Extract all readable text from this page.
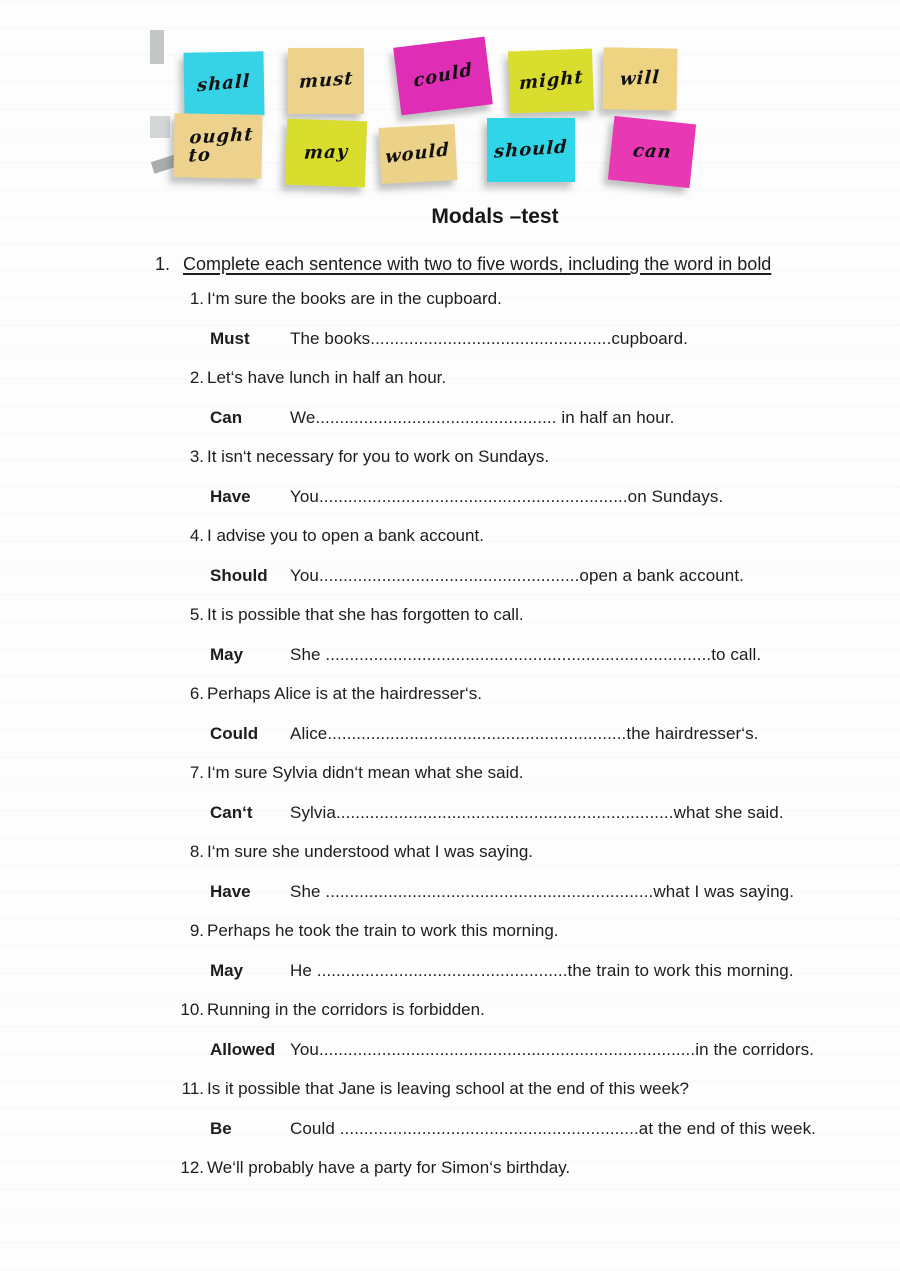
shall	must	could	might will
ought to	may would should	can
Modals –test
1. Complete each sentence with two to five words, including the word in bold
1. I‘m sure the books are in the cupboard.
Must The books..................................................cupboard.
2. Let‘s have lunch in half an hour.
Can	We.................................................. in half an hour.
3. It isn‘t necessary for you to work on Sundays.
Have You................................................................on Sundays.
4. I advise you to open a bank account.
Should You......................................................open a bank account.
5. It is possible that she has forgotten to call.
May	She ................................................................................to call.
6. Perhaps Alice is at the hairdresser‘s.
Could Alice..............................................................the hairdresser‘s.
7. I‘m sure Sylvia didn‘t mean what she said.
Can‘t Sylvia......................................................................what she said.
8. I‘m sure she understood what I was saying.
Have She ....................................................................what I was saying.
9. Perhaps he took the train to work this morning.
May	He ....................................................the train to work this morning.
10. Running in the corridors is forbidden.
Allowed You..............................................................................in the corridors.
11. Is it possible that Jane is leaving school at the end of this week?
Be	Could ..............................................................at the end of this week.
12. We‘ll probably have a party for Simon‘s birthday.
